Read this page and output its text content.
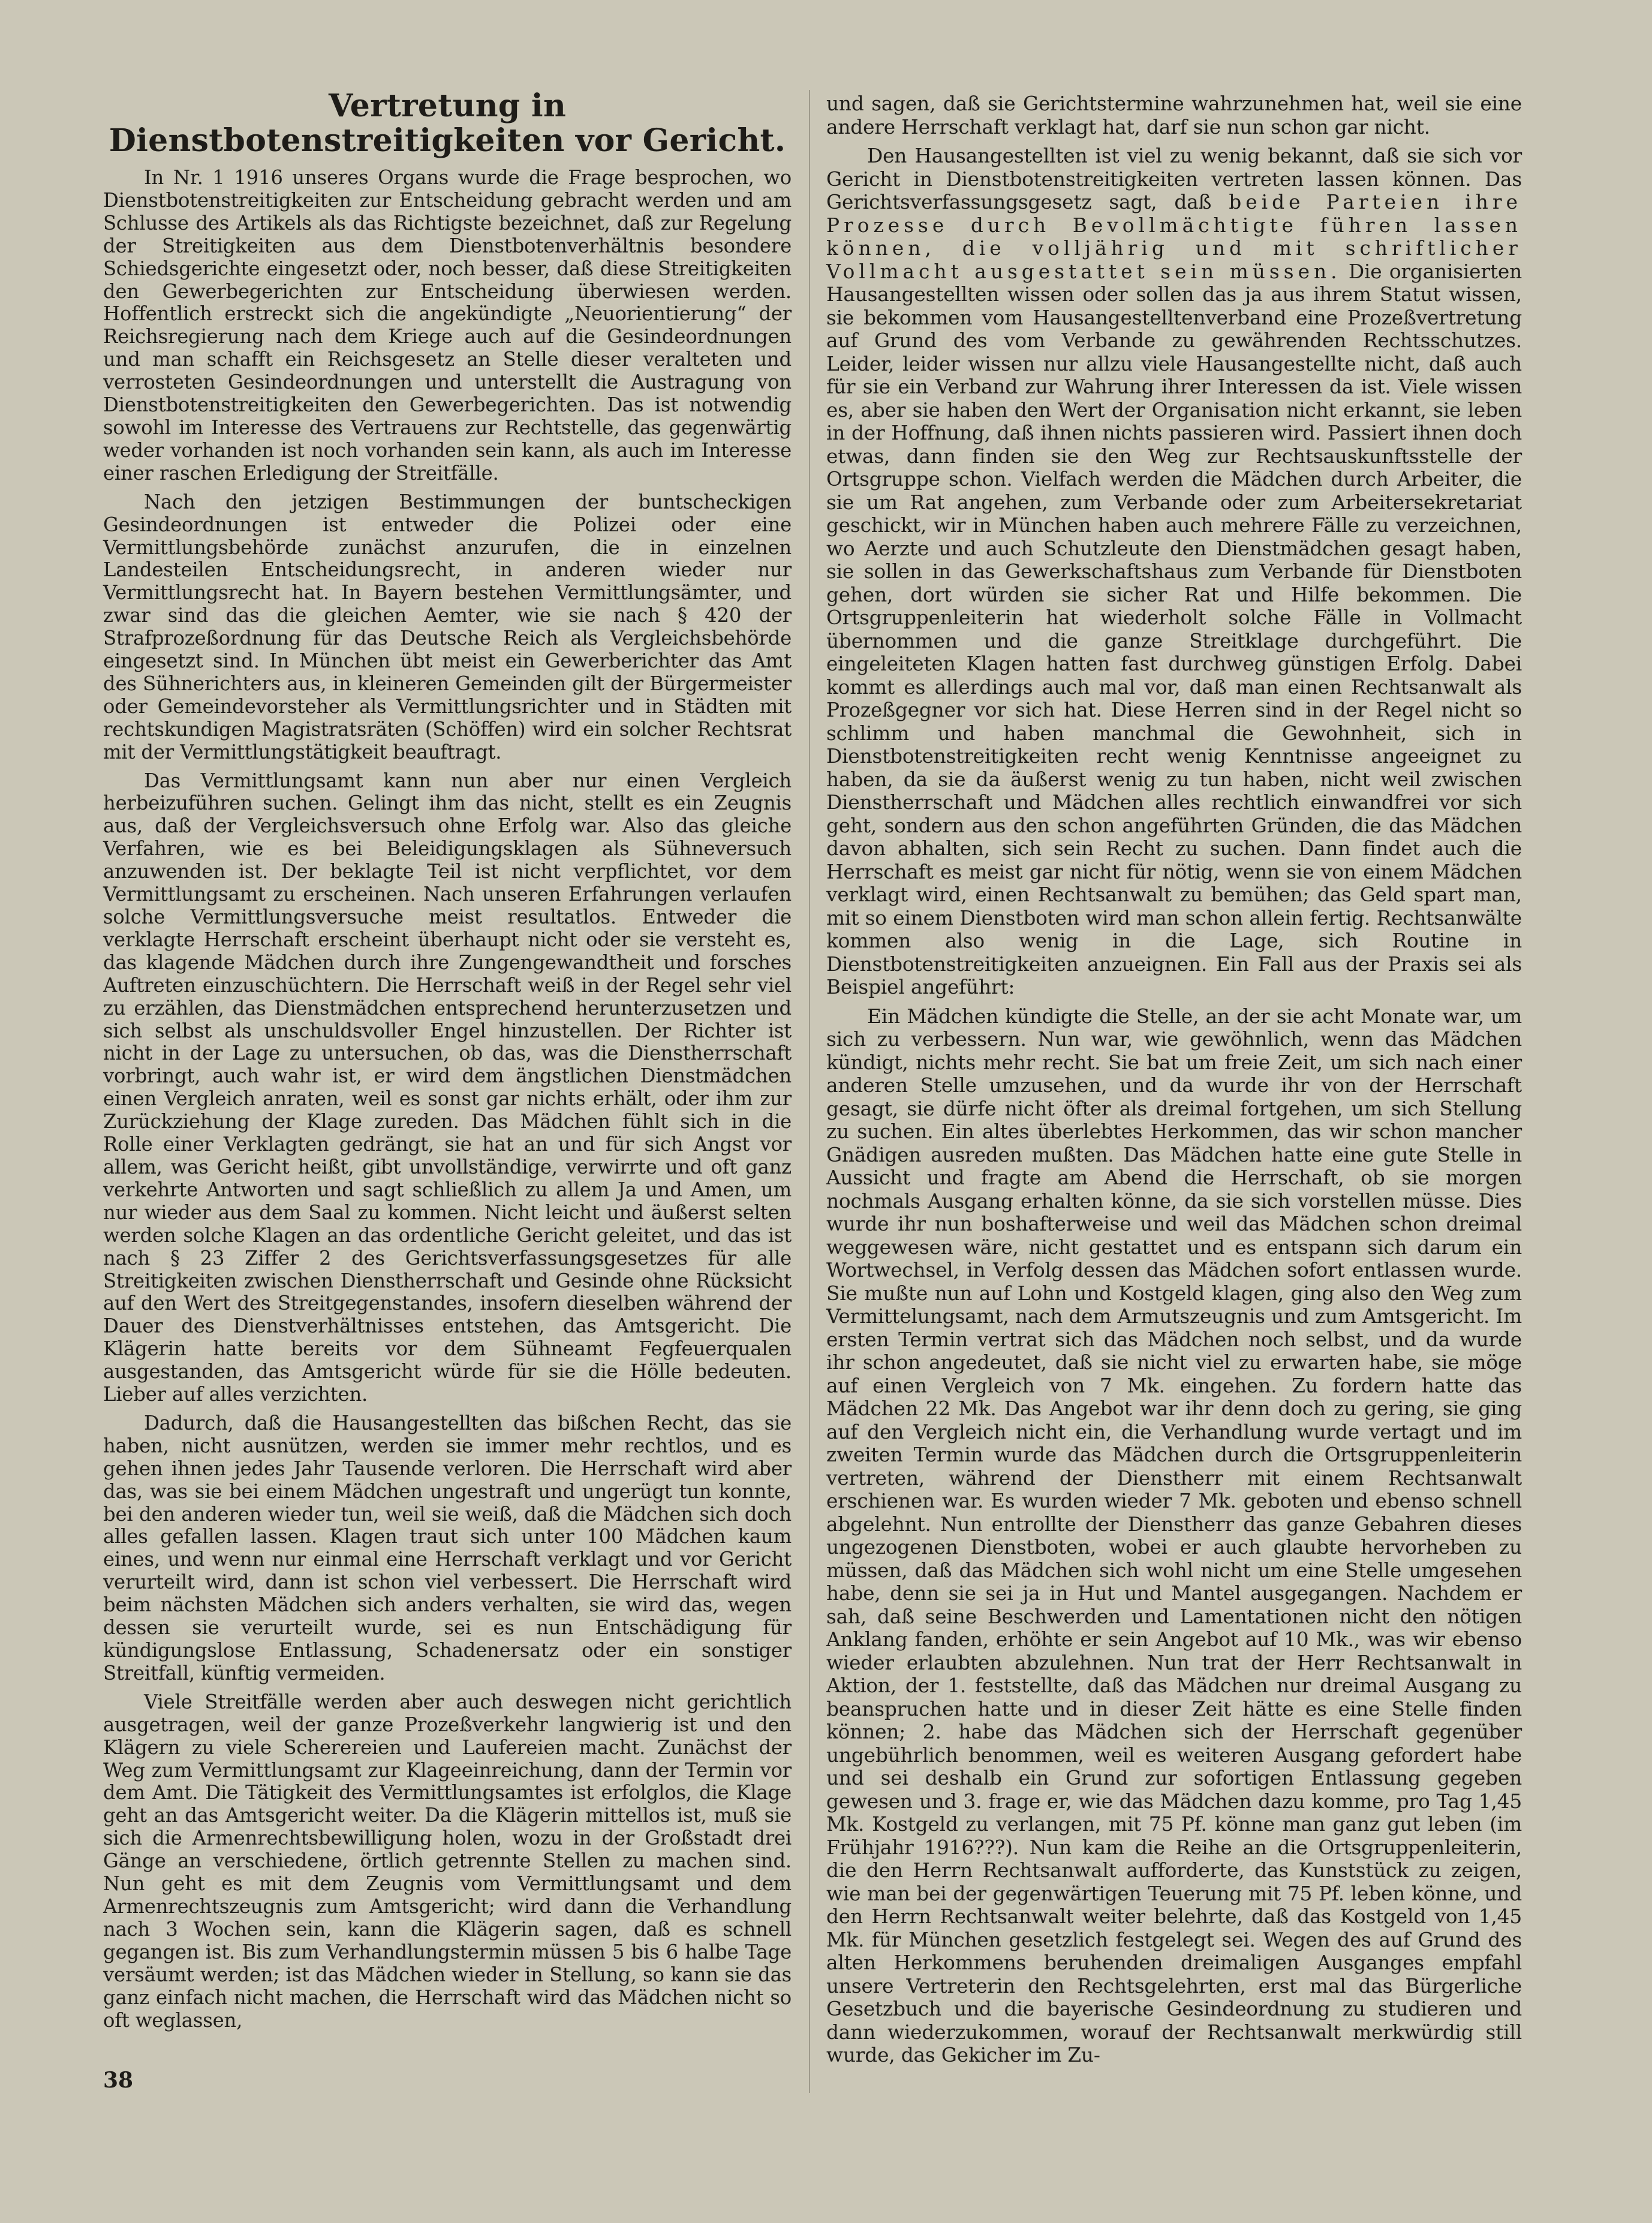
Vertretung in Dienstbotenstreitigkeiten vor Gericht.

In Nr. 1 1916 unseres Organs wurde die Frage besprochen, wo Dienstbotenstreitigkeiten zur Entscheidung gebracht werden und am Schlusse des Artikels als das Richtigste bezeichnet, daß zur Regelung der Streitigkeiten aus dem Dienstbotenverhältnis besondere Schiedsgerichte eingesetzt oder, noch besser, daß diese Streitigkeiten den Gewerbegerichten zur Entscheidung überwiesen werden. Hoffentlich erstreckt sich die angekündigte „Neuorientierung“ der Reichsregierung nach dem Kriege auch auf die Gesindeordnungen und man schafft ein Reichsgesetz an Stelle dieser veralteten und verrosteten Gesindeordnungen und unterstellt die Austragung von Dienstbotenstreitigkeiten den Gewerbegerichten. Das ist notwendig sowohl im Interesse des Vertrauens zur Rechtstelle, das gegenwärtig weder vorhanden ist noch vorhanden sein kann, als auch im Interesse einer raschen Erledigung der Streitfälle.

Nach den jetzigen Bestimmungen der buntscheckigen Gesindeordnungen ist entweder die Polizei oder eine Vermittlungsbehörde zunächst anzurufen, die in einzelnen Landesteilen Entscheidungsrecht, in anderen wieder nur Vermittlungsrecht hat. In Bayern bestehen Vermittlungsämter, und zwar sind das die gleichen Aemter, wie sie nach § 420 der Strafprozeßordnung für das Deutsche Reich als Vergleichsbehörde eingesetzt sind. In München übt meist ein Gewerberichter das Amt des Sühnerichters aus, in kleineren Gemeinden gilt der Bürgermeister oder Gemeindevorsteher als Vermittlungsrichter und in Städten mit rechtskundigen Magistratsräten (Schöffen) wird ein solcher Rechtsrat mit der Vermittlungstätigkeit beauftragt.

Das Vermittlungsamt kann nun aber nur einen Vergleich herbeizuführen suchen. Gelingt ihm das nicht, stellt es ein Zeugnis aus, daß der Vergleichsversuch ohne Erfolg war. Also das gleiche Verfahren, wie es bei Beleidigungsklagen als Sühneversuch anzuwenden ist. Der beklagte Teil ist nicht verpflichtet, vor dem Vermittlungsamt zu erscheinen. Nach unseren Erfahrungen verlaufen solche Vermittlungsversuche meist resultatlos. Entweder die verklagte Herrschaft erscheint überhaupt nicht oder sie versteht es, das klagende Mädchen durch ihre Zungengewandtheit und forsches Auftreten einzuschüchtern. Die Herrschaft weiß in der Regel sehr viel zu erzählen, das Dienstmädchen entsprechend herunterzusetzen und sich selbst als unschuldsvoller Engel hinzustellen. Der Richter ist nicht in der Lage zu untersuchen, ob das, was die Dienstherrschaft vorbringt, auch wahr ist, er wird dem ängstlichen Dienstmädchen einen Vergleich anraten, weil es sonst gar nichts erhält, oder ihm zur Zurückziehung der Klage zureden. Das Mädchen fühlt sich in die Rolle einer Verklagten gedrängt, sie hat an und für sich Angst vor allem, was Gericht heißt, gibt unvollständige, verwirrte und oft ganz verkehrte Antworten und sagt schließlich zu allem Ja und Amen, um nur wieder aus dem Saal zu kommen. Nicht leicht und äußerst selten werden solche Klagen an das ordentliche Gericht geleitet, und das ist nach § 23 Ziffer 2 des Gerichtsverfassungsgesetzes für alle Streitigkeiten zwischen Dienstherrschaft und Gesinde ohne Rücksicht auf den Wert des Streitgegenstandes, insofern dieselben während der Dauer des Dienstverhältnisses entstehen, das Amtsgericht. Die Klägerin hatte bereits vor dem Sühneamt Fegfeuerqualen ausgestanden, das Amtsgericht würde für sie die Hölle bedeuten. Lieber auf alles verzichten.

Dadurch, daß die Hausangestellten das bißchen Recht, das sie haben, nicht ausnützen, werden sie immer mehr rechtlos, und es gehen ihnen jedes Jahr Tausende verloren. Die Herrschaft wird aber das, was sie bei einem Mädchen ungestraft und ungerügt tun konnte, bei den anderen wieder tun, weil sie weiß, daß die Mädchen sich doch alles gefallen lassen. Klagen traut sich unter 100 Mädchen kaum eines, und wenn nur einmal eine Herrschaft verklagt und vor Gericht verurteilt wird, dann ist schon viel verbessert. Die Herrschaft wird beim nächsten Mädchen sich anders verhalten, sie wird das, wegen dessen sie verurteilt wurde, sei es nun Entschädigung für kündigungslose Entlassung, Schadenersatz oder ein sonstiger Streitfall, künftig vermeiden.

Viele Streitfälle werden aber auch deswegen nicht gerichtlich ausgetragen, weil der ganze Prozeßverkehr langwierig ist und den Klägern zu viele Scherereien und Laufereien macht. Zunächst der Weg zum Vermittlungsamt zur Klageeinreichung, dann der Termin vor dem Amt. Die Tätigkeit des Vermittlungsamtes ist erfolglos, die Klage geht an das Amtsgericht weiter. Da die Klägerin mittellos ist, muß sie sich die Armenrechtsbewilligung holen, wozu in der Großstadt drei Gänge an verschiedene, örtlich getrennte Stellen zu machen sind. Nun geht es mit dem Zeugnis vom Vermittlungsamt und dem Armenrechtszeugnis zum Amtsgericht; wird dann die Verhandlung nach 3 Wochen sein, kann die Klägerin sagen, daß es schnell gegangen ist. Bis zum Verhandlungstermin müssen 5 bis 6 halbe Tage versäumt werden; ist das Mädchen wieder in Stellung, so kann sie das ganz einfach nicht machen, die Herrschaft wird das Mädchen nicht so oft weglassen,

und sagen, daß sie Gerichtstermine wahrzunehmen hat, weil sie eine andere Herrschaft verklagt hat, darf sie nun schon gar nicht.

Den Hausangestellten ist viel zu wenig bekannt, daß sie sich vor Gericht in Dienstbotenstreitigkeiten vertreten lassen können. Das Gerichtsverfassungsgesetz sagt, daß beide Parteien ihre Prozesse durch Bevollmächtigte führen lassen können, die volljährig und mit schriftlicher Vollmacht ausgestattet sein müssen. Die organisierten Hausangestellten wissen oder sollen das ja aus ihrem Statut wissen, sie bekommen vom Hausangestelltenverband eine Prozeßvertretung auf Grund des vom Verbande zu gewährenden Rechtsschutzes. Leider, leider wissen nur allzu viele Hausangestellte nicht, daß auch für sie ein Verband zur Wahrung ihrer Interessen da ist. Viele wissen es, aber sie haben den Wert der Organisation nicht erkannt, sie leben in der Hoffnung, daß ihnen nichts passieren wird. Passiert ihnen doch etwas, dann finden sie den Weg zur Rechtsauskunftsstelle der Ortsgruppe schon. Vielfach werden die Mädchen durch Arbeiter, die sie um Rat angehen, zum Verbande oder zum Arbeitersekretariat geschickt, wir in München haben auch mehrere Fälle zu verzeichnen, wo Aerzte und auch Schutzleute den Dienstmädchen gesagt haben, sie sollen in das Gewerkschaftshaus zum Verbande für Dienstboten gehen, dort würden sie sicher Rat und Hilfe bekommen. Die Ortsgruppenleiterin hat wiederholt solche Fälle in Vollmacht übernommen und die ganze Streitklage durchgeführt. Die eingeleiteten Klagen hatten fast durchweg günstigen Erfolg. Dabei kommt es allerdings auch mal vor, daß man einen Rechtsanwalt als Prozeßgegner vor sich hat. Diese Herren sind in der Regel nicht so schlimm und haben manchmal die Gewohnheit, sich in Dienstbotenstreitigkeiten recht wenig Kenntnisse angeeignet zu haben, da sie da äußerst wenig zu tun haben, nicht weil zwischen Dienstherrschaft und Mädchen alles rechtlich einwandfrei vor sich geht, sondern aus den schon angeführten Gründen, die das Mädchen davon abhalten, sich sein Recht zu suchen. Dann findet auch die Herrschaft es meist gar nicht für nötig, wenn sie von einem Mädchen verklagt wird, einen Rechtsanwalt zu bemühen; das Geld spart man, mit so einem Dienstboten wird man schon allein fertig. Rechtsanwälte kommen also wenig in die Lage, sich Routine in Dienstbotenstreitigkeiten anzueignen. Ein Fall aus der Praxis sei als Beispiel angeführt:

Ein Mädchen kündigte die Stelle, an der sie acht Monate war, um sich zu verbessern. Nun war, wie gewöhnlich, wenn das Mädchen kündigt, nichts mehr recht. Sie bat um freie Zeit, um sich nach einer anderen Stelle umzusehen, und da wurde ihr von der Herrschaft gesagt, sie dürfe nicht öfter als dreimal fortgehen, um sich Stellung zu suchen. Ein altes überlebtes Herkommen, das wir schon mancher Gnädigen ausreden mußten. Das Mädchen hatte eine gute Stelle in Aussicht und fragte am Abend die Herrschaft, ob sie morgen nochmals Ausgang erhalten könne, da sie sich vorstellen müsse. Dies wurde ihr nun boshafterweise und weil das Mädchen schon dreimal weggewesen wäre, nicht gestattet und es entspann sich darum ein Wortwechsel, in Verfolg dessen das Mädchen sofort entlassen wurde. Sie mußte nun auf Lohn und Kostgeld klagen, ging also den Weg zum Vermittelungsamt, nach dem Armutszeugnis und zum Amtsgericht. Im ersten Termin vertrat sich das Mädchen noch selbst, und da wurde ihr schon angedeutet, daß sie nicht viel zu erwarten habe, sie möge auf einen Vergleich von 7 Mk. eingehen. Zu fordern hatte das Mädchen 22 Mk. Das Angebot war ihr denn doch zu gering, sie ging auf den Vergleich nicht ein, die Verhandlung wurde vertagt und im zweiten Termin wurde das Mädchen durch die Ortsgruppenleiterin vertreten, während der Dienstherr mit einem Rechtsanwalt erschienen war. Es wurden wieder 7 Mk. geboten und ebenso schnell abgelehnt. Nun entrollte der Dienstherr das ganze Gebahren dieses ungezogenen Dienstboten, wobei er auch glaubte hervorheben zu müssen, daß das Mädchen sich wohl nicht um eine Stelle umgesehen habe, denn sie sei ja in Hut und Mantel ausgegangen. Nachdem er sah, daß seine Beschwerden und Lamentationen nicht den nötigen Anklang fanden, erhöhte er sein Angebot auf 10 Mk., was wir ebenso wieder erlaubten abzulehnen. Nun trat der Herr Rechtsanwalt in Aktion, der 1. feststellte, daß das Mädchen nur dreimal Ausgang zu beanspruchen hatte und in dieser Zeit hätte es eine Stelle finden können; 2. habe das Mädchen sich der Herrschaft gegenüber ungebührlich benommen, weil es weiteren Ausgang gefordert habe und sei deshalb ein Grund zur sofortigen Entlassung gegeben gewesen und 3. frage er, wie das Mädchen dazu komme, pro Tag 1,45 Mk. Kostgeld zu verlangen, mit 75 Pf. könne man ganz gut leben (im Frühjahr 1916???). Nun kam die Reihe an die Ortsgruppenleiterin, die den Herrn Rechtsanwalt aufforderte, das Kunststück zu zeigen, wie man bei der gegenwärtigen Teuerung mit 75 Pf. leben könne, und den Herrn Rechtsanwalt weiter belehrte, daß das Kostgeld von 1,45 Mk. für München gesetzlich festgelegt sei. Wegen des auf Grund des alten Herkommens beruhenden dreimaligen Ausganges empfahl unsere Vertreterin den Rechtsgelehrten, erst mal das Bürgerliche Gesetzbuch und die bayerische Gesindeordnung zu studieren und dann wiederzukommen, worauf der Rechtsanwalt merkwürdig still wurde, das Gekicher im Zu-

38
